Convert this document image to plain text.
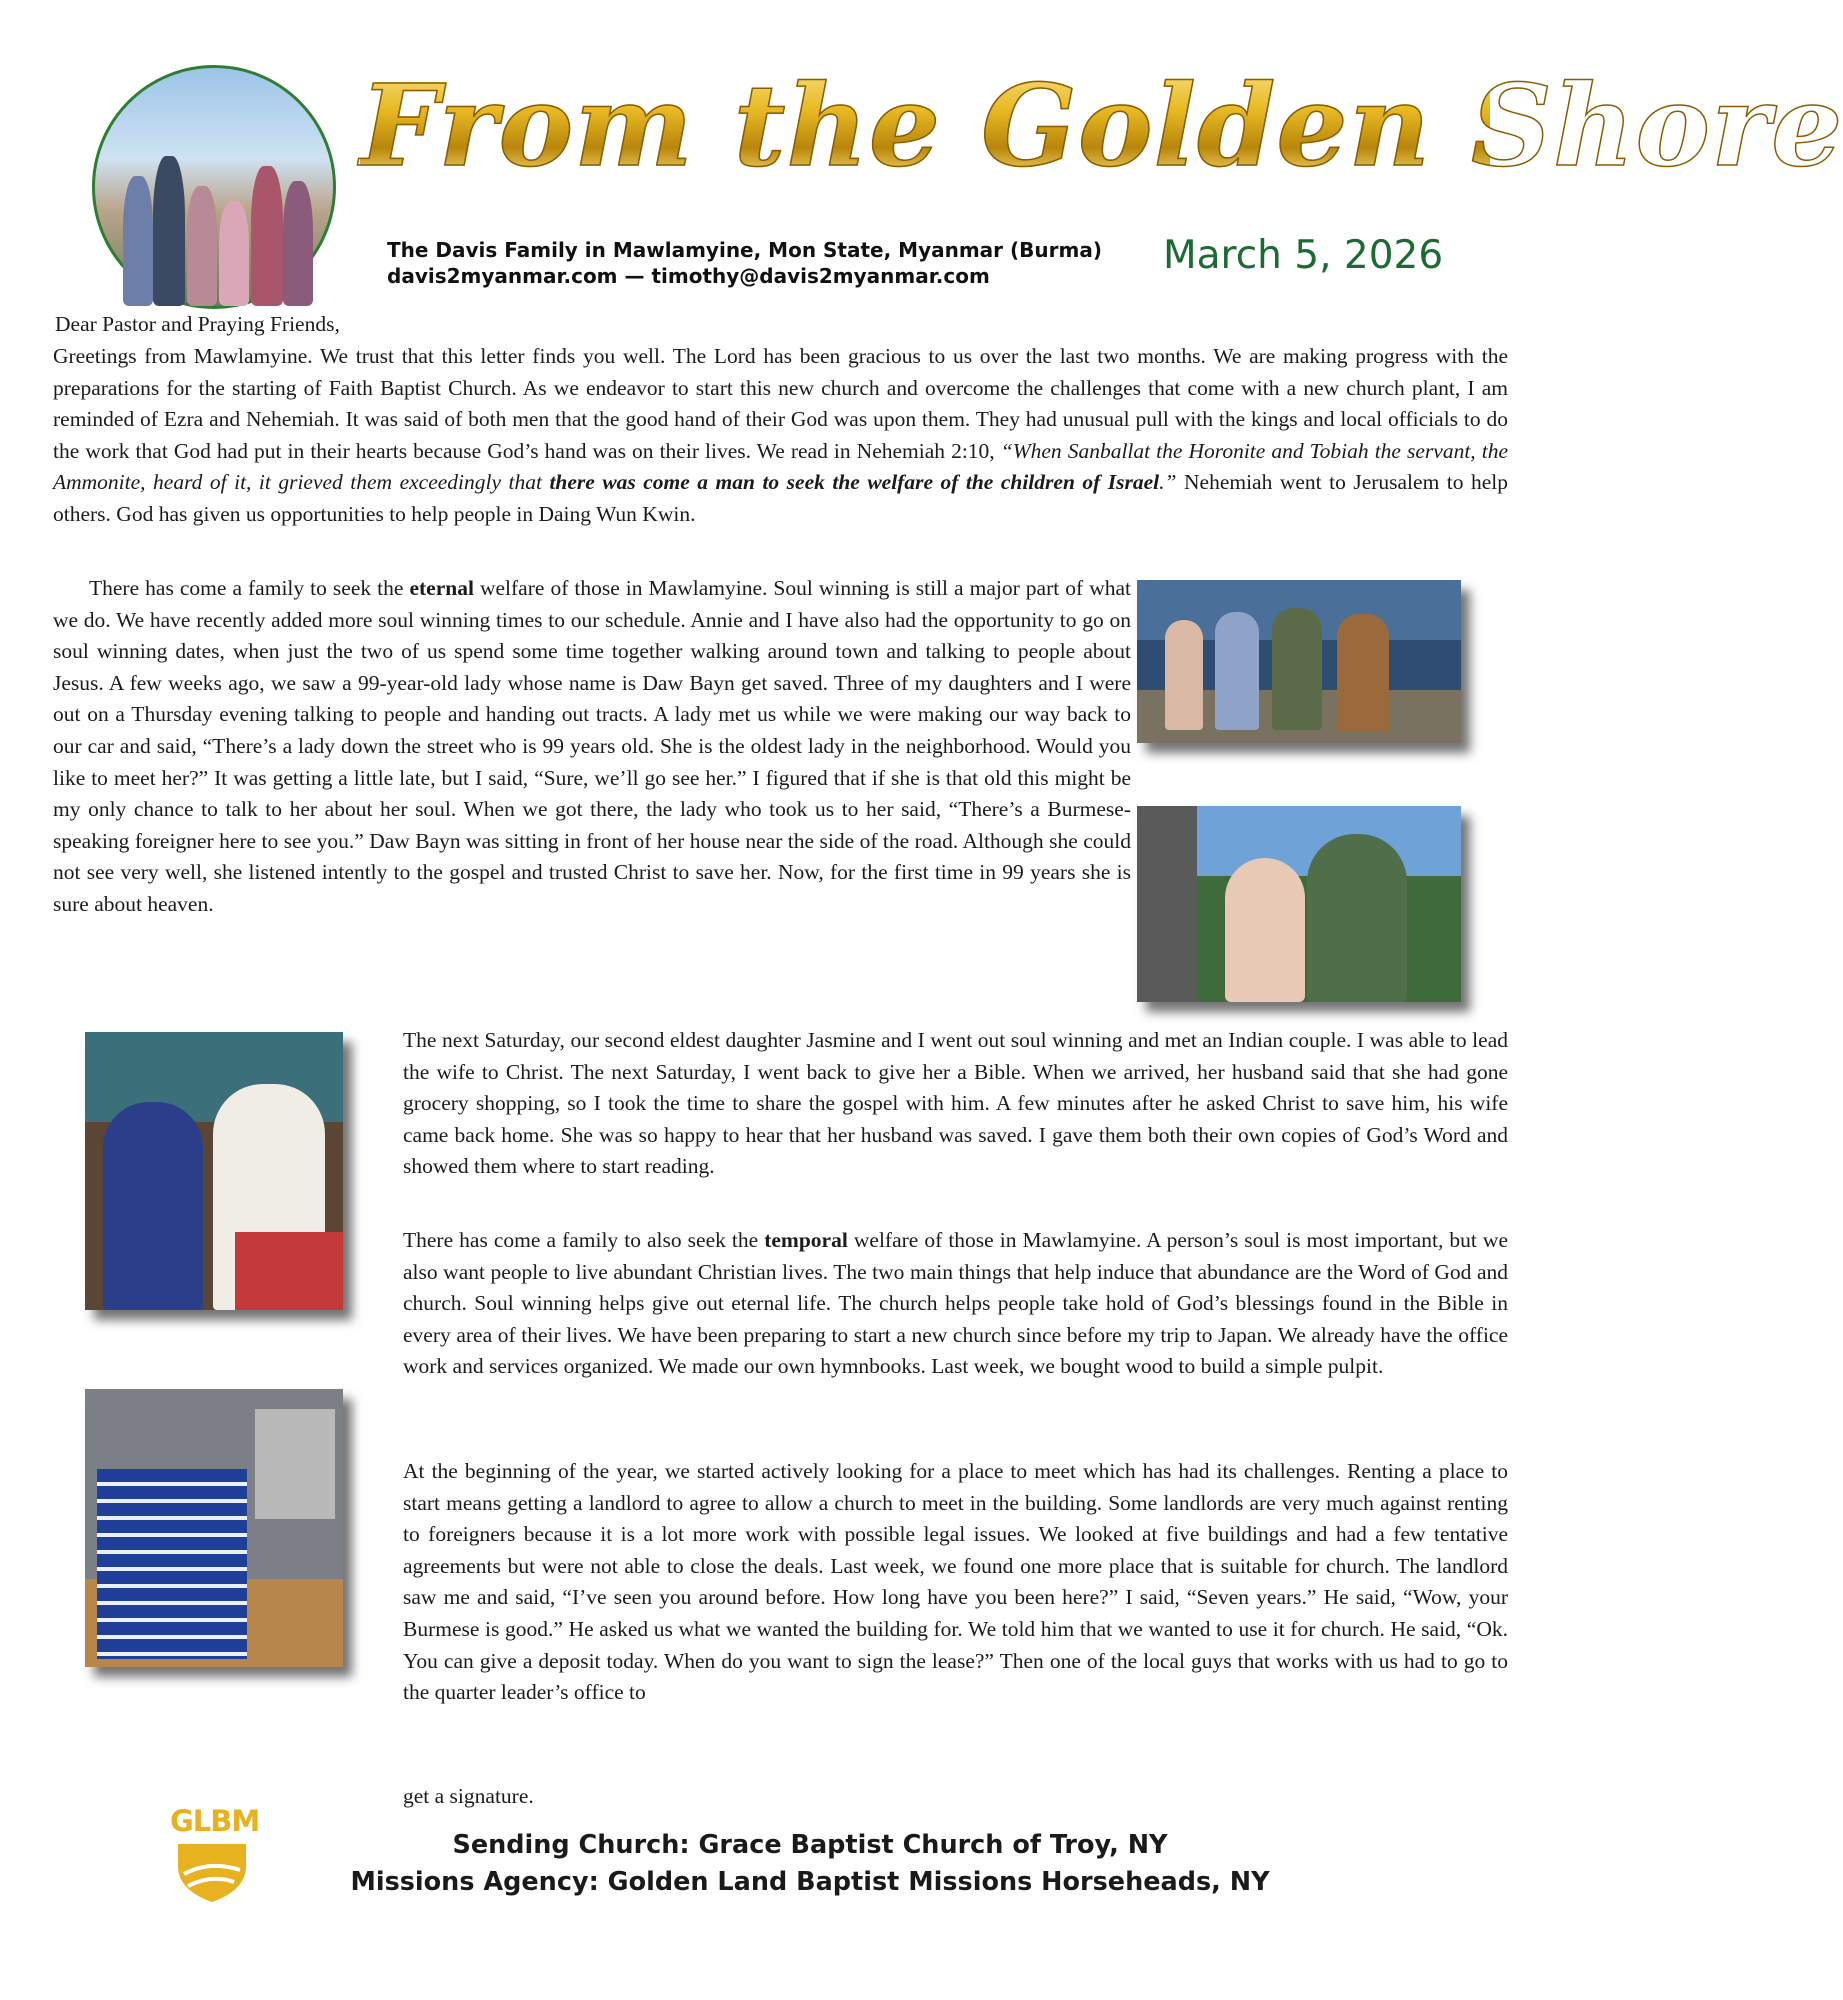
From the Golden Shore
The Davis Family in Mawlamyine, Mon State, Myanmar (Burma)
davis2myanmar.com — timothy@davis2myanmar.com	March 5, 2026
Dear Pastor and Praying Friends,
Greetings from Mawlamyine. We trust that this letter finds you well. The Lord has been gracious to us over the last two months. We are making progress with the preparations for the starting of Faith Baptist Church. As we endeavor to start this new church and overcome the challenges that come with a new church plant, I am reminded of Ezra and Nehemiah. It was said of both men that the good hand of their God was upon them. They had unusual pull with the kings and local officials to do the work that God had put in their hearts because God’s hand was on their lives. We read in Nehemiah 2:10, “When Sanballat the Horonite and Tobiah the servant, the Ammonite, heard of it, it grieved them exceedingly that there was come a man to seek the welfare of the children of Israel.” Nehemiah went to Jerusalem to help others. God has given us opportunities to help people in Daing Wun Kwin.
There has come a family to seek the eternal welfare of those in Mawlamyine. Soul winning is still a major part of what we do. We have recently added more soul winning times to our schedule. Annie and I have also had the opportunity to go on soul winning dates, when just the two of us spend some time together walking around town and talking to people about Jesus. A few weeks ago, we saw a 99-year-old lady whose name is Daw Bayn get saved. Three of my daughters and I were out on a Thursday evening talking to people and handing out tracts. A lady met us while we were making our way back to our car and said, “There’s a lady down the street who is 99 years old. She is the oldest lady in the neighborhood. Would you like to meet her?” It was getting a little late, but I said, “Sure, we’ll go see her.” I figured that if she is that old this might be my only chance to talk to her about her soul. When we got there, the lady who took us to her said, “There’s a Burmese-speaking foreigner here to see you.” Daw Bayn was sitting in front of her house near the side of the road. Although she could not see very well, she listened intently to the gospel and trusted Christ to save her. Now, for the first time in 99 years she is sure about heaven.
The next Saturday, our second eldest daughter Jasmine and I went out soul winning and met an Indian couple. I was able to lead the wife to Christ. The next Saturday, I went back to give her a Bible. When we arrived, her husband said that she had gone grocery shopping, so I took the time to share the gospel with him. A few minutes after he asked Christ to save him, his wife came back home. She was so happy to hear that her husband was saved. I gave them both their own copies of God’s Word and showed them where to start reading.
There has come a family to also seek the temporal welfare of those in Mawlamyine. A person’s soul is most important, but we also want people to live abundant Christian lives. The two main things that help induce that abundance are the Word of God and church. Soul winning helps give out eternal life. The church helps people take hold of God’s blessings found in the Bible in every area of their lives. We have been preparing to start a new church since before my trip to Japan. We already have the office work and services organized. We made our own hymnbooks. Last week, we bought wood to build a simple pulpit.
At the beginning of the year, we started actively looking for a place to meet which has had its challenges. Renting a place to start means getting a landlord to agree to allow a church to meet in the building. Some landlords are very much against renting to foreigners because it is a lot more work with possible legal issues. We looked at five buildings and had a few tentative agreements but were not able to close the deals. Last week, we found one more place that is suitable for church. The landlord saw me and said, “I’ve seen you around before. How long have you been here?” I said, “Seven years.” He said, “Wow, your Burmese is good.” He asked us what we wanted the building for. We told him that we wanted to use it for church. He said, “Ok. You can give a deposit today. When do you want to sign the lease?” Then one of the local guys that works with us had to go to the quarter leader’s office to
get a signature.
GLBM
Sending Church: Grace Baptist Church of Troy, NY
Missions Agency: Golden Land Baptist Missions Horseheads, NY
